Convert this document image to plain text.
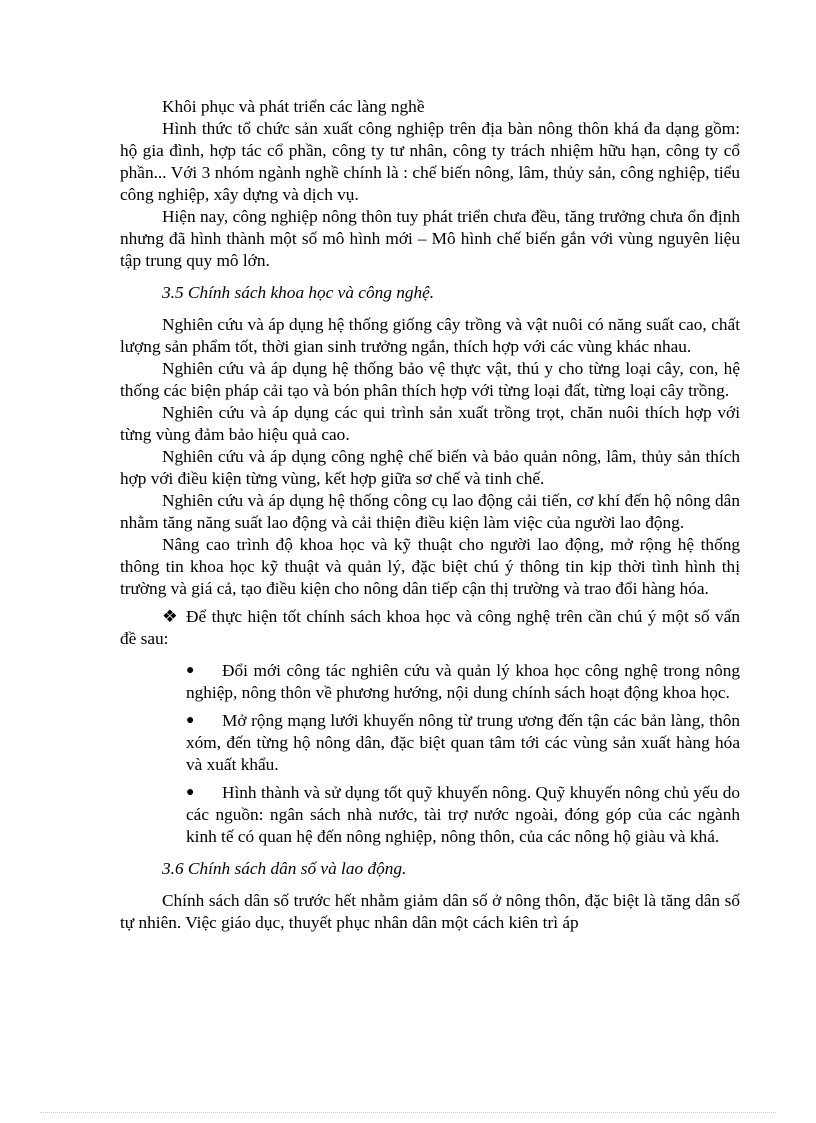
Khôi phục và phát triển các làng nghề

Hình thức tổ chức sản xuất công nghiệp trên địa bàn nông thôn khá đa dạng gồm: hộ gia đình, hợp tác cổ phần, công ty tư nhân, công ty trách nhiệm hữu hạn, công ty cổ phần... Với 3 nhóm ngành nghề chính là : chế biến nông, lâm, thủy sản, công nghiệp, tiểu công nghiệp, xây dựng và dịch vụ.

Hiện nay, công nghiệp nông thôn tuy phát triển chưa đều, tăng trưởng chưa ổn định nhưng đã hình thành một số mô hình mới – Mô hình chế biến gắn với vùng nguyên liệu tập trung quy mô lớn.

3.5 Chính sách khoa học và công nghệ.

Nghiên cứu và áp dụng hệ thống giống cây trồng và vật nuôi có năng suất cao, chất lượng sản phẩm tốt, thời gian sinh trưởng ngắn, thích hợp với các vùng khác nhau.

Nghiên cứu và áp dụng hệ thống bảo vệ thực vật, thú y cho từng loại cây, con, hệ thống các biện pháp cải tạo và bón phân thích hợp với từng loại đất, từng loại cây trồng.

Nghiên cứu và áp dụng các qui trình sản xuất trồng trọt, chăn nuôi thích hợp với từng vùng đảm bảo hiệu quả cao.

Nghiên cứu và áp dụng công nghệ chế biến và bảo quản nông, lâm, thủy sản thích hợp với điều kiện từng vùng, kết hợp giữa sơ chế và tinh chế.

Nghiên cứu và áp dụng hệ thống công cụ lao động cải tiến, cơ khí đến hộ nông dân nhằm tăng năng suất lao động và cải thiện điều kiện làm việc của người lao động.

Nâng cao trình độ khoa học và kỹ thuật cho người lao động, mở rộng hệ thống thông tin khoa học kỹ thuật và quản lý, đặc biệt chú ý thông tin kịp thời tình hình thị trường và giá cả, tạo điều kiện cho nông dân tiếp cận thị trường và trao đổi hàng hóa.

❖ Để thực hiện tốt chính sách khoa học và công nghệ trên cần chú ý một số vấn đề sau:

● Đổi mới công tác nghiên cứu và quản lý khoa học công nghệ trong nông nghiệp, nông thôn về phương hướng, nội dung chính sách hoạt động khoa học.
● Mở rộng mạng lưới khuyến nông từ trung ương đến tận các bản làng, thôn xóm, đến từng hộ nông dân, đặc biệt quan tâm tới các vùng sản xuất hàng hóa và xuất khẩu.
● Hình thành và sử dụng tốt quỹ khuyến nông. Quỹ khuyến nông chủ yếu do các nguồn: ngân sách nhà nước, tài trợ nước ngoài, đóng góp của các ngành kinh tế có quan hệ đến nông nghiệp, nông thôn, của các nông hộ giàu và khá.

3.6 Chính sách dân số và lao động.

Chính sách dân số trước hết nhằm giảm dân số ở nông thôn, đặc biệt là tăng dân số tự nhiên. Việc giáo dục, thuyết phục nhân dân một cách kiên trì áp
